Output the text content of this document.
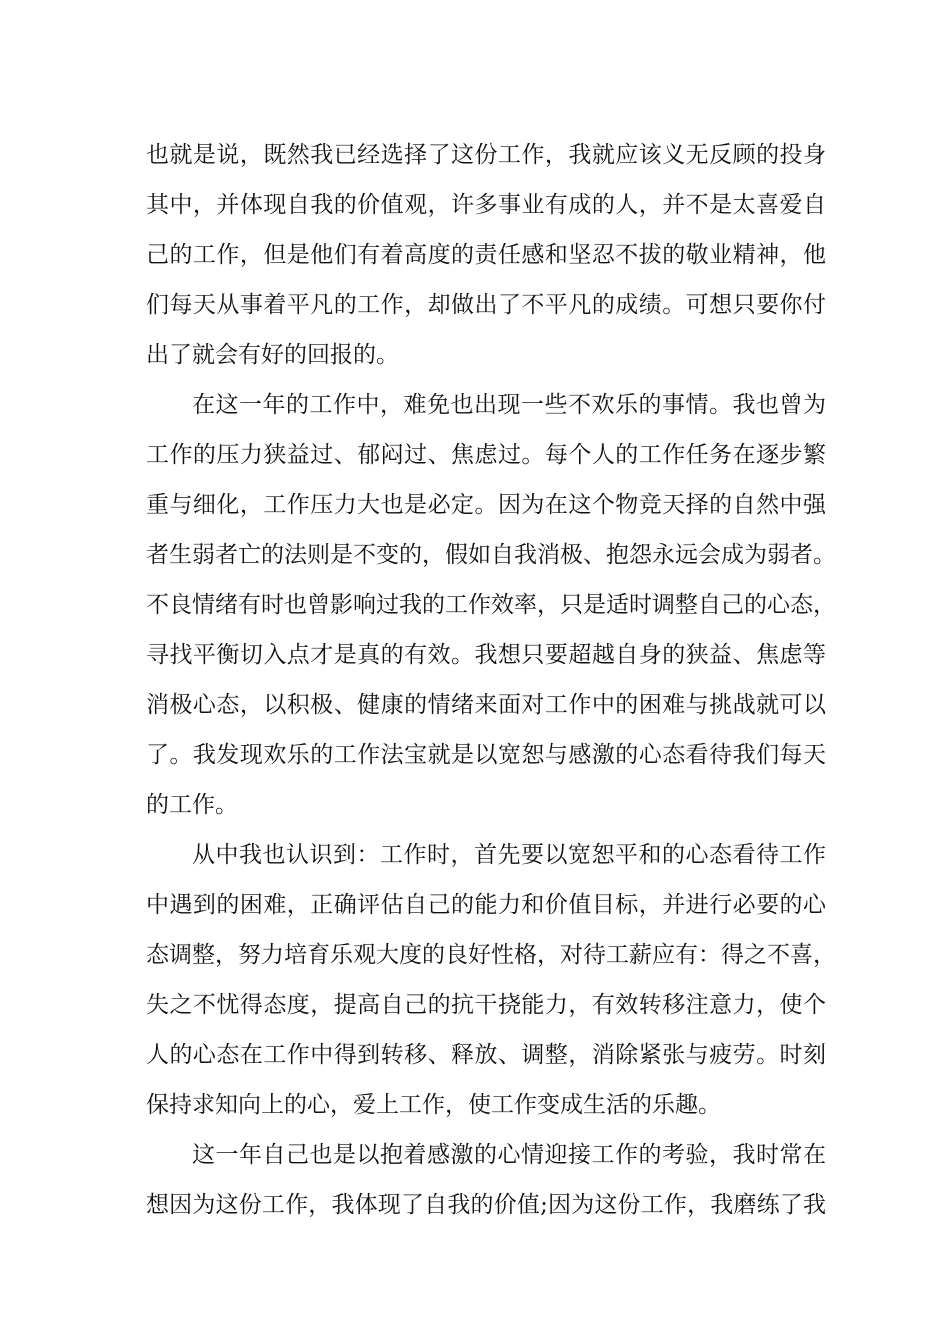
也就是说，既然我已经选择了这份工作，我就应该义无反顾的投身
其中，并体现自我的价值观，许多事业有成的人，并不是太喜爱自
己的工作，但是他们有着高度的责任感和坚忍不拔的敬业精神，他
们每天从事着平凡的工作，却做出了不平凡的成绩。可想只要你付
出了就会有好的回报的。
在这一年的工作中，难免也出现一些不欢乐的事情。我也曾为
工作的压力狭益过、郁闷过、焦虑过。每个人的工作任务在逐步繁
重与细化，工作压力大也是必定。因为在这个物竞天择的自然中强
者生弱者亡的法则是不变的，假如自我消极、抱怨永远会成为弱者。
不良情绪有时也曾影响过我的工作效率，只是适时调整自己的心态，
寻找平衡切入点才是真的有效。我想只要超越自身的狭益、焦虑等
消极心态，以积极、健康的情绪来面对工作中的困难与挑战就可以
了。我发现欢乐的工作法宝就是以宽恕与感激的心态看待我们每天
的工作。
从中我也认识到：工作时，首先要以宽恕平和的心态看待工作
中遇到的困难，正确评估自己的能力和价值目标，并进行必要的心
态调整，努力培育乐观大度的良好性格，对待工薪应有：得之不喜，
失之不忧得态度，提高自己的抗干挠能力，有效转移注意力，使个
人的心态在工作中得到转移、释放、调整，消除紧张与疲劳。时刻
保持求知向上的心，爱上工作，使工作变成生活的乐趣。
这一年自己也是以抱着感激的心情迎接工作的考验，我时常在
想因为这份工作，我体现了自我的价值;因为这份工作，我磨练了我
